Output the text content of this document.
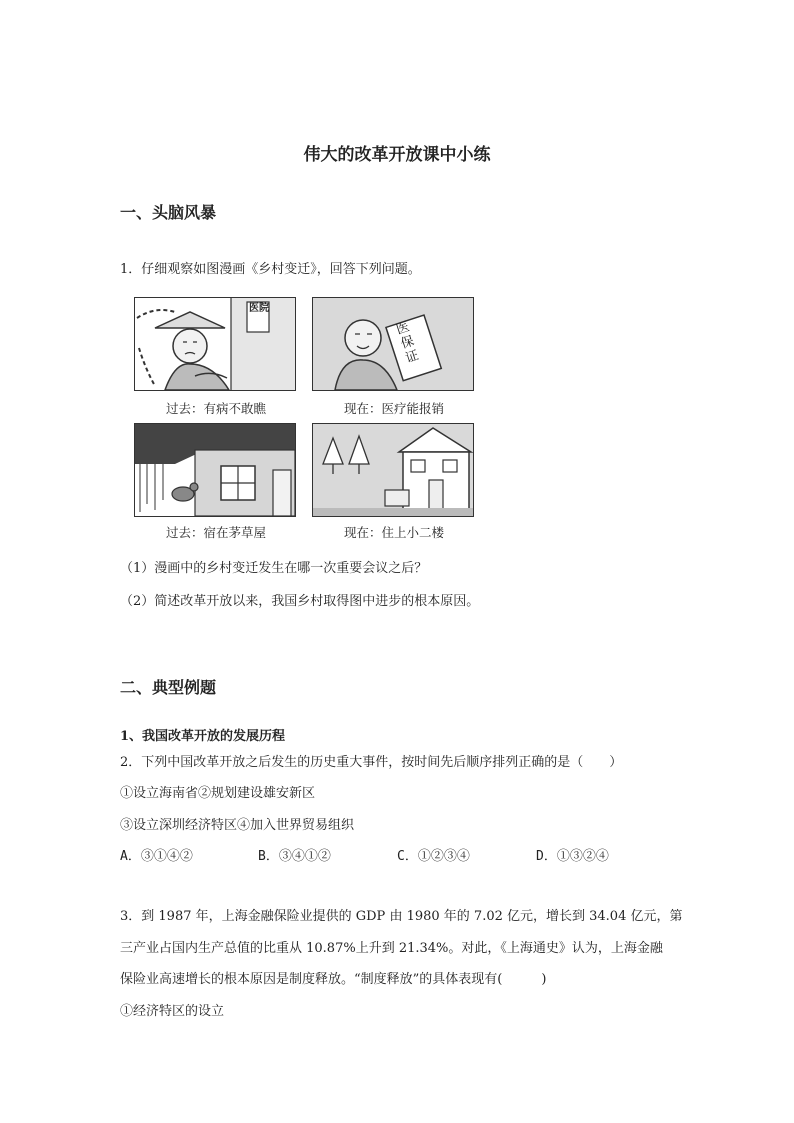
伟大的改革开放课中小练
一、头脑风暴
1．仔细观察如图漫画《乡村变迁》，回答下列问题。
医院
过去：有病不敢瞧
医保证
现在：医疗能报销
过去：宿在茅草屋	现在：住上小二楼
（1）漫画中的乡村变迁发生在哪一次重要会议之后？
（2）简述改革开放以来，我国乡村取得图中进步的根本原因。
二、典型例题
1、我国改革开放的发展历程
2．下列中国改革开放之后发生的历史重大事件，按时间先后顺序排列正确的是（　　）
①设立海南省②规划建设雄安新区
③设立深圳经济特区④加入世界贸易组织
A．③①④②	B．③④①②	C．①②③④	D．①③②④
3．到 1987 年，上海金融保险业提供的 GDP 由 1980 年的 7.02 亿元，增长到 34.04 亿元，第
三产业占国内生产总值的比重从 10.87%上升到 21.34%。对此，《上海通史》认为，上海金融
保险业高速增长的根本原因是制度释放。“制度释放”的具体表现有(　　　)
①经济特区的设立
